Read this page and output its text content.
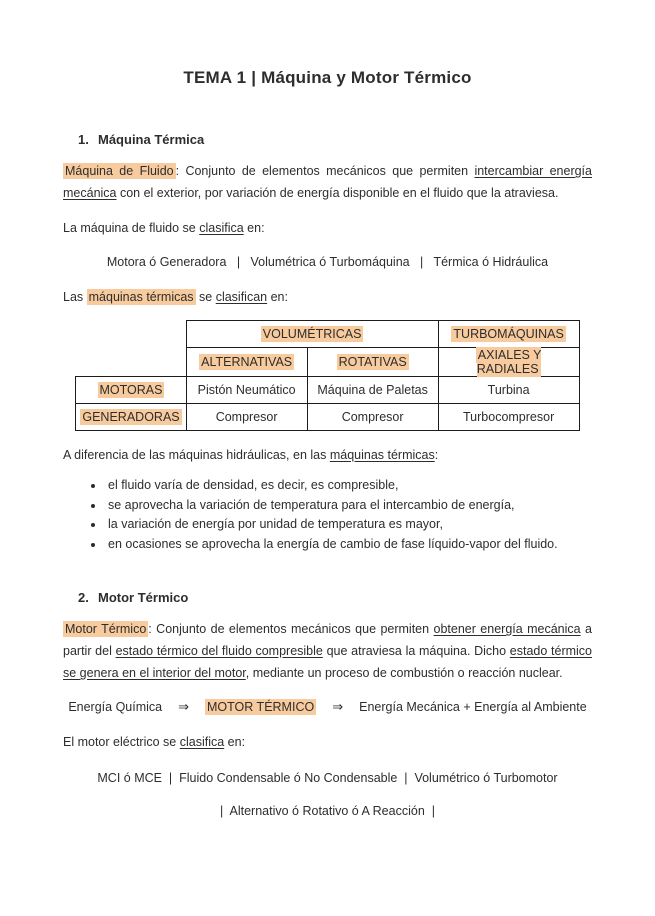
TEMA 1 | Máquina y Motor Térmico
1. Máquina Térmica

Máquina de Fluido : Conjunto de elementos mecánicos que permiten intercambiar energía mecánica con el exterior, por variación de energía disponible en el fluido que la atraviesa.

La máquina de fluido se clasifica en:

Motora ó Generadora   |   Volumétrica ó Turbomáquina   |   Térmica ó Hidráulica

Las máquinas térmicas se clasifican en:

	VOLUMÉTRICAS		TURBOMÁQUINAS
	ALTERNATIVAS	ROTATIVAS	AXIALES Y RADIALES
MOTORAS	Pistón Neumático	Máquina de Paletas	Turbina
GENERADORAS	Compresor	Compresor	Turbocompresor

A diferencia de las máquinas hidráulicas, en las máquinas térmicas:

• el fluido varía de densidad, es decir, es compresible,
• se aprovecha la variación de temperatura para el intercambio de energía,
• la variación de energía por unidad de temperatura es mayor,
• en ocasiones se aprovecha la energía de cambio de fase líquido-vapor del fluido.
2. Motor Térmico

Motor Térmico : Conjunto de elementos mecánicos que permiten obtener energía mecánica a partir del estado térmico del fluido compresible que atraviesa la máquina. Dicho estado térmico se genera en el interior del motor, mediante un proceso de combustión o reacción nuclear.

Energía Química ⇒ MOTOR TÉRMICO ⇒ Energía Mecánica + Energía al Ambiente

El motor eléctrico se clasifica en:

MCI ó MCE  |  Fluido Condensable ó No Condensable  |  Volumétrico ó Turbomotor
|  Alternativo ó Rotativo ó A Reacción  |
